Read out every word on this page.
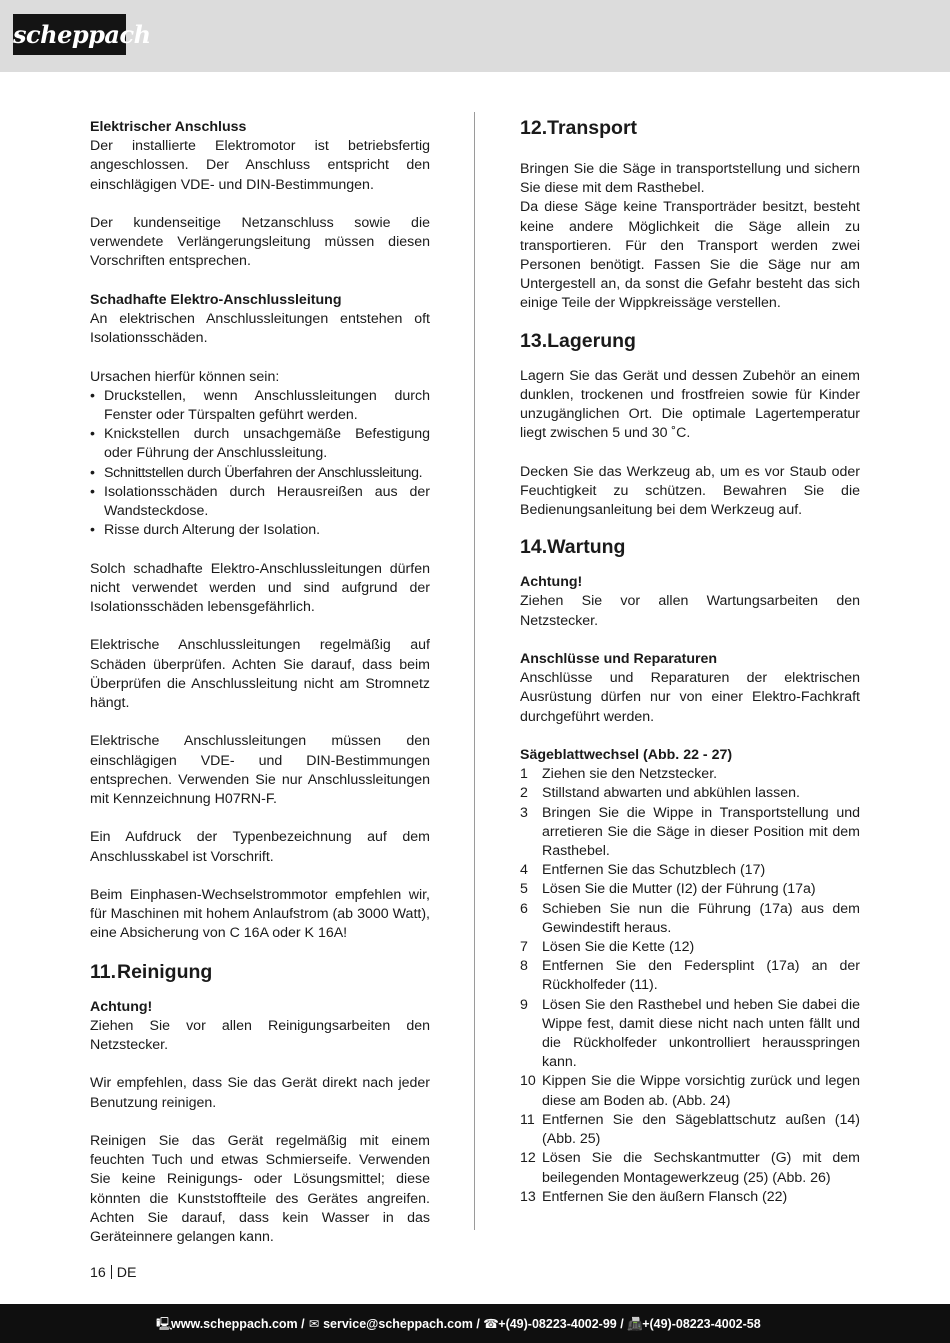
scheppach

Elektrischer Anschluss

Der installierte Elektromotor ist betriebsfertig angeschlossen. Der Anschluss entspricht den einschlägigen VDE- und DIN-Bestimmungen.

Der kundenseitige Netzanschluss sowie die verwendete Verlängerungsleitung müssen diesen Vorschriften entsprechen.

Schadhafte Elektro-Anschlussleitung

An elektrischen Anschlussleitungen entstehen oft Isolationsschäden.

Ursachen hierfür können sein:

• Druckstellen, wenn Anschlussleitungen durch Fenster oder Türspalten geführt werden.
• Knickstellen durch unsachgemäße Befestigung oder Führung der Anschlussleitung.
• Schnittstellen durch Überfahren der Anschlussleitung.
• Isolationsschäden durch Herausreißen aus der Wandsteckdose.
• Risse durch Alterung der Isolation.

Solch schadhafte Elektro-Anschlussleitungen dürfen nicht verwendet werden und sind aufgrund der Isolationsschäden lebensgefährlich.

Elektrische Anschlussleitungen regelmäßig auf Schäden überprüfen. Achten Sie darauf, dass beim Überprüfen die Anschlussleitung nicht am Stromnetz hängt.

Elektrische Anschlussleitungen müssen den einschlägigen VDE- und DIN-Bestimmungen entsprechen. Verwenden Sie nur Anschlussleitungen mit Kennzeichnung H07RN-F.

Ein Aufdruck der Typenbezeichnung auf dem Anschlusskabel ist Vorschrift.

Beim Einphasen-Wechselstrommotor empfehlen wir, für Maschinen mit hohem Anlaufstrom (ab 3000 Watt), eine Absicherung von C 16A oder K 16A!

11.Reinigung

Achtung!

Ziehen Sie vor allen Reinigungsarbeiten den Netzstecker.

Wir empfehlen, dass Sie das Gerät direkt nach jeder Benutzung reinigen.

Reinigen Sie das Gerät regelmäßig mit einem feuchten Tuch und etwas Schmierseife. Verwenden Sie keine Reinigungs- oder Lösungsmittel; diese könnten die Kunststoffteile des Gerätes angreifen. Achten Sie darauf, dass kein Wasser in das Geräteinnere gelangen kann.

12.Transport

Bringen Sie die Säge in transportstellung und sichern Sie diese mit dem Rasthebel.

Da diese Säge keine Transporträder besitzt, besteht keine andere Möglichkeit die Säge allein zu transportieren. Für den Transport werden zwei Personen benötigt. Fassen Sie die Säge nur am Untergestell an, da sonst die Gefahr besteht das sich einige Teile der Wippkreissäge verstellen.

13.Lagerung

Lagern Sie das Gerät und dessen Zubehör an einem dunklen, trockenen und frostfreien sowie für Kinder unzugänglichen Ort. Die optimale Lagertemperatur liegt zwischen 5 und 30 ˚C.

Decken Sie das Werkzeug ab, um es vor Staub oder Feuchtigkeit zu schützen. Bewahren Sie die Bedienungsanleitung bei dem Werkzeug auf.

14.Wartung

Achtung!

Ziehen Sie vor allen Wartungsarbeiten den Netzstecker.

Anschlüsse und Reparaturen

Anschlüsse und Reparaturen der elektrischen Ausrüstung dürfen nur von einer Elektro-Fachkraft durchgeführt werden.

Sägeblattwechsel (Abb. 22 - 27)

1 Ziehen sie den Netzstecker.
2 Stillstand abwarten und abkühlen lassen.
3 Bringen Sie die Wippe in Transportstellung und arretieren Sie die Säge in dieser Position mit dem Rasthebel.
4 Entfernen Sie das Schutzblech (17)
5 Lösen Sie die Mutter (I2) der Führung (17a)
6 Schieben Sie nun die Führung (17a) aus dem Gewindestift heraus.
7 Lösen Sie die Kette (12)
8 Entfernen Sie den Federsplint (17a) an der Rückholfeder (11).
9 Lösen Sie den Rasthebel und heben Sie dabei die Wippe fest, damit diese nicht nach unten fällt und die Rückholfeder unkontrolliert herausspringen kann.
10 Kippen Sie die Wippe vorsichtig zurück und legen diese am Boden ab. (Abb. 24)
11 Entfernen Sie den Sägeblattschutz außen (14) (Abb. 25)
12 Lösen Sie die Sechskantmutter (G) mit dem beilegenden Montagewerkzeug (25) (Abb. 26)
13 Entfernen Sie den äußern Flansch (22)
16 DE
🖳www.scheppach.com / ✉ service@scheppach.com / ☎+(49)-08223-4002-99 / 📠+(49)-08223-4002-58
